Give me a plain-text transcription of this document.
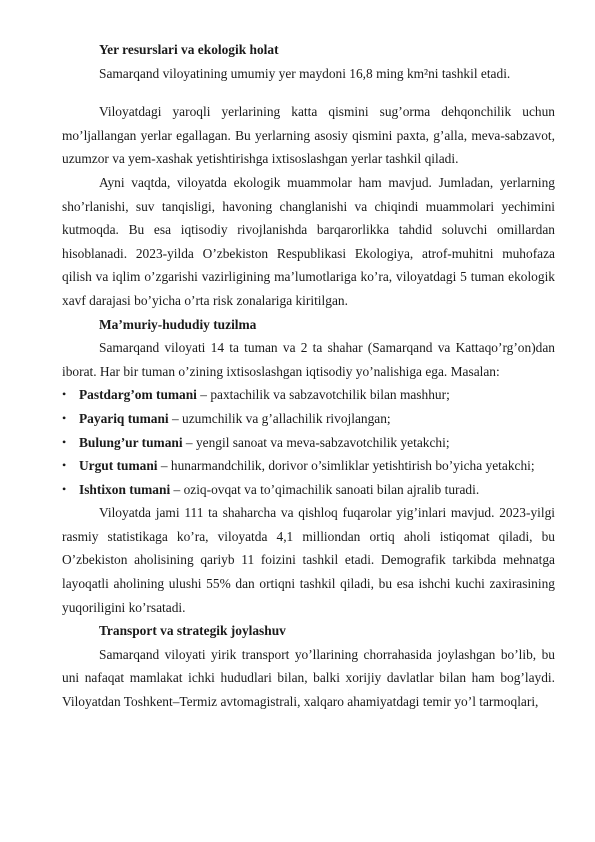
Yer resurslari va ekologik holat

Samarqand viloyatining umumiy yer maydoni 16,8 ming km²ni tashkil etadi.

Viloyatdagi yaroqli yerlarining katta qismini sug’orma dehqonchilik uchun mo’ljallangan yerlar egallagan. Bu yerlarning asosiy qismini paxta, g’alla, meva-sabzavot, uzumzor va yem-xashak yetishtirishga ixtisoslashgan yerlar tashkil qiladi.

Ayni vaqtda, viloyatda ekologik muammolar ham mavjud. Jumladan, yerlarning sho’rlanishi, suv tanqisligi, havoning changlanishi va chiqindi muammolari yechimini kutmoqda. Bu esa iqtisodiy rivojlanishda barqarorlikka tahdid soluvchi omillardan hisoblanadi. 2023-yilda O’zbekiston Respublikasi Ekologiya, atrof-muhitni muhofaza qilish va iqlim o’zgarishi vazirligining ma’lumotlariga ko’ra, viloyatdagi 5 tuman ekologik xavf darajasi bo’yicha o’rta risk zonalariga kiritilgan.

Ma’muriy-hududiy tuzilma

Samarqand viloyati 14 ta tuman va 2 ta shahar (Samarqand va Kattaqo’rg’on)dan iborat. Har bir tuman o’zining ixtisoslashgan iqtisodiy yo’nalishiga ega. Masalan:

• Pastdarg’om tumani – paxtachilik va sabzavotchilik bilan mashhur;
• Payariq tumani – uzumchilik va g’allachilik rivojlangan;
• Bulung’ur tumani – yengil sanoat va meva-sabzavotchilik yetakchi;
• Urgut tumani – hunarmandchilik, dorivor o’simliklar yetishtirish bo’yicha yetakchi;
• Ishtixon tumani – oziq-ovqat va to’qimachilik sanoati bilan ajralib turadi.

Viloyatda jami 111 ta shaharcha va qishloq fuqarolar yig’inlari mavjud. 2023-yilgi rasmiy statistikaga ko’ra, viloyatda 4,1 milliondan ortiq aholi istiqomat qiladi, bu O’zbekiston aholisining qariyb 11 foizini tashkil etadi. Demografik tarkibda mehnatga layoqatli aholining ulushi 55% dan ortiqni tashkil qiladi, bu esa ishchi kuchi zaxirasining yuqoriligini ko’rsatadi.

Transport va strategik joylashuv

Samarqand viloyati yirik transport yo’llarining chorrahasida joylashgan bo’lib, bu uni nafaqat mamlakat ichki hududlari bilan, balki xorijiy davlatlar bilan ham bog’laydi. Viloyatdan Toshkent–Termiz avtomagistrali, xalqaro ahamiyatdagi temir yo’l tarmoqlari,
